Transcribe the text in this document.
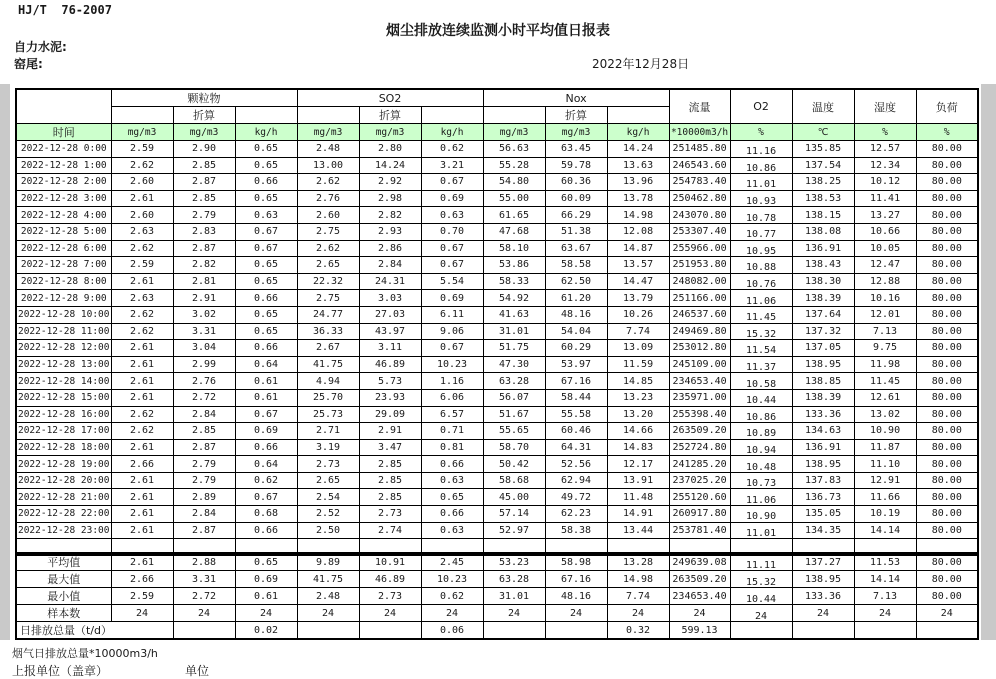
HJ/T  76-2007
烟尘排放连续监测小时平均值日报表
自力水泥:
窑尾:	2022年12月28日
	颗粒物			SO2			Nox			流量	O2	温度	湿度	负荷
		折算			折算			折算						
时间	mg/m3	mg/m3	kg/h	mg/m3	mg/m3	kg/h	mg/m3	mg/m3	kg/h	*10000m3/h	%	℃	%	%
2022-12-28 0:00	2.59	2.90	0.65	2.48	2.80	0.62	56.63	63.45	14.24	251485.80	11.16	135.85	12.57	80.00
2022-12-28 1:00	2.62	2.85	0.65	13.00	14.24	3.21	55.28	59.78	13.63	246543.60	10.86	137.54	12.34	80.00
2022-12-28 2:00	2.60	2.87	0.66	2.62	2.92	0.67	54.80	60.36	13.96	254783.40	11.01	138.25	10.12	80.00
2022-12-28 3:00	2.61	2.85	0.65	2.76	2.98	0.69	55.00	60.09	13.78	250462.80	10.93	138.53	11.41	80.00
2022-12-28 4:00	2.60	2.79	0.63	2.60	2.82	0.63	61.65	66.29	14.98	243070.80	10.78	138.15	13.27	80.00
2022-12-28 5:00	2.63	2.83	0.67	2.75	2.93	0.70	47.68	51.38	12.08	253307.40	10.77	138.08	10.66	80.00
2022-12-28 6:00	2.62	2.87	0.67	2.62	2.86	0.67	58.10	63.67	14.87	255966.00	10.95	136.91	10.05	80.00
2022-12-28 7:00	2.59	2.82	0.65	2.65	2.84	0.67	53.86	58.58	13.57	251953.80	10.88	138.43	12.47	80.00
2022-12-28 8:00	2.61	2.81	0.65	22.32	24.31	5.54	58.33	62.50	14.47	248082.00	10.76	138.30	12.88	80.00
2022-12-28 9:00	2.63	2.91	0.66	2.75	3.03	0.69	54.92	61.20	13.79	251166.00	11.06	138.39	10.16	80.00
2022-12-28 10:00	2.62	3.02	0.65	24.77	27.03	6.11	41.63	48.16	10.26	246537.60	11.45	137.64	12.01	80.00
2022-12-28 11:00	2.62	3.31	0.65	36.33	43.97	9.06	31.01	54.04	7.74	249469.80	15.32	137.32	7.13	80.00
2022-12-28 12:00	2.61	3.04	0.66	2.67	3.11	0.67	51.75	60.29	13.09	253012.80	11.54	137.05	9.75	80.00
2022-12-28 13:00	2.61	2.99	0.64	41.75	46.89	10.23	47.30	53.97	11.59	245109.00	11.37	138.95	11.98	80.00
2022-12-28 14:00	2.61	2.76	0.61	4.94	5.73	1.16	63.28	67.16	14.85	234653.40	10.58	138.85	11.45	80.00
2022-12-28 15:00	2.61	2.72	0.61	25.70	23.93	6.06	56.07	58.44	13.23	235971.00	10.44	138.39	12.61	80.00
2022-12-28 16:00	2.62	2.84	0.67	25.73	29.09	6.57	51.67	55.58	13.20	255398.40	10.86	133.36	13.02	80.00
2022-12-28 17:00	2.62	2.85	0.69	2.71	2.91	0.71	55.65	60.46	14.66	263509.20	10.89	134.63	10.90	80.00
2022-12-28 18:00	2.61	2.87	0.66	3.19	3.47	0.81	58.70	64.31	14.83	252724.80	10.94	136.91	11.87	80.00
2022-12-28 19:00	2.66	2.79	0.64	2.73	2.85	0.66	50.42	52.56	12.17	241285.20	10.48	138.95	11.10	80.00
2022-12-28 20:00	2.61	2.79	0.62	2.65	2.85	0.63	58.68	62.94	13.91	237025.20	10.73	137.83	12.91	80.00
2022-12-28 21:00	2.61	2.89	0.67	2.54	2.85	0.65	45.00	49.72	11.48	255120.60	11.06	136.73	11.66	80.00
2022-12-28 22:00	2.61	2.84	0.68	2.52	2.73	0.66	57.14	62.23	14.91	260917.80	10.90	135.05	10.19	80.00
2022-12-28 23:00	2.61	2.87	0.66	2.50	2.74	0.63	52.97	58.38	13.44	253781.40	11.01	134.35	14.14	80.00

平均值	2.61	2.88	0.65	9.89	10.91	2.45	53.23	58.98	13.28	249639.08	11.11	137.27	11.53	80.00
最大值	2.66	3.31	0.69	41.75	46.89	10.23	63.28	67.16	14.98	263509.20	15.32	138.95	14.14	80.00
最小值	2.59	2.72	0.61	2.48	2.73	0.62	31.01	48.16	7.74	234653.40	10.44	133.36	7.13	80.00
样本数	24	24	24	24	24	24	24	24	24	24	24	24	24	24
日排放总量（t/d）			0.02			0.06			0.32	599.13				
烟气日排放总量*10000m3/h
上报单位（盖章）	单位
